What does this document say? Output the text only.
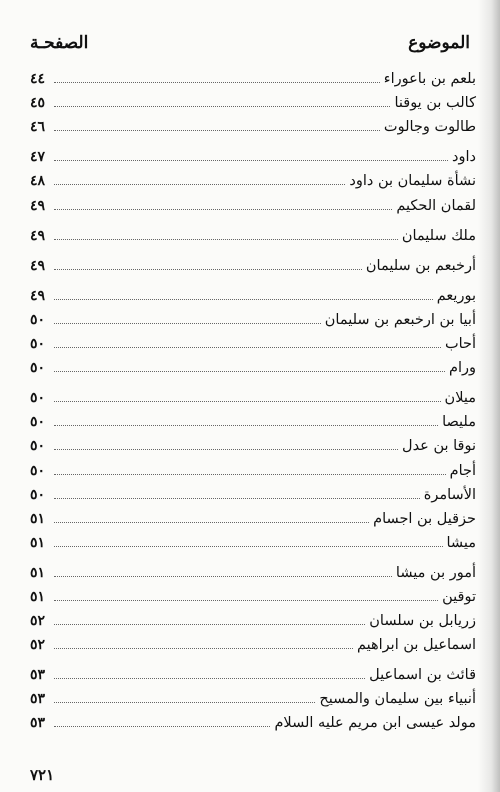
الموضوع
الصفحـة
بلعم بن باعوراء
٤٤
كالب بن يوقنا
٤٥
طالوت وجالوت
٤٦
داود
٤٧
نشأة سليمان بن داود
٤٨
لقمان الحكيم
٤٩
ملك سليمان
٤٩
أرخبعم بن سليمان
٤٩
بوريعم
٤٩
أبيا بن ارخبعم بن سليمان
٥٠
أحاب
٥٠
ورام
٥٠
ميلان
٥٠
مليصا
٥٠
نوقا بن عدل
٥٠
أجام
٥٠
الأسامرة
٥٠
حزقيل بن اجسام
٥١
ميشا
٥١
أمور بن ميشا
٥١
توقين
٥١
زريابل بن سلسان
٥٢
اسماعيل بن ابراهيم
٥٢
قائث بن اسماعيل
٥٣
أنبياء بين سليمان والمسيح
٥٣
مولد عيسى ابن مريم عليه السلام
٥٣
٧٢١
